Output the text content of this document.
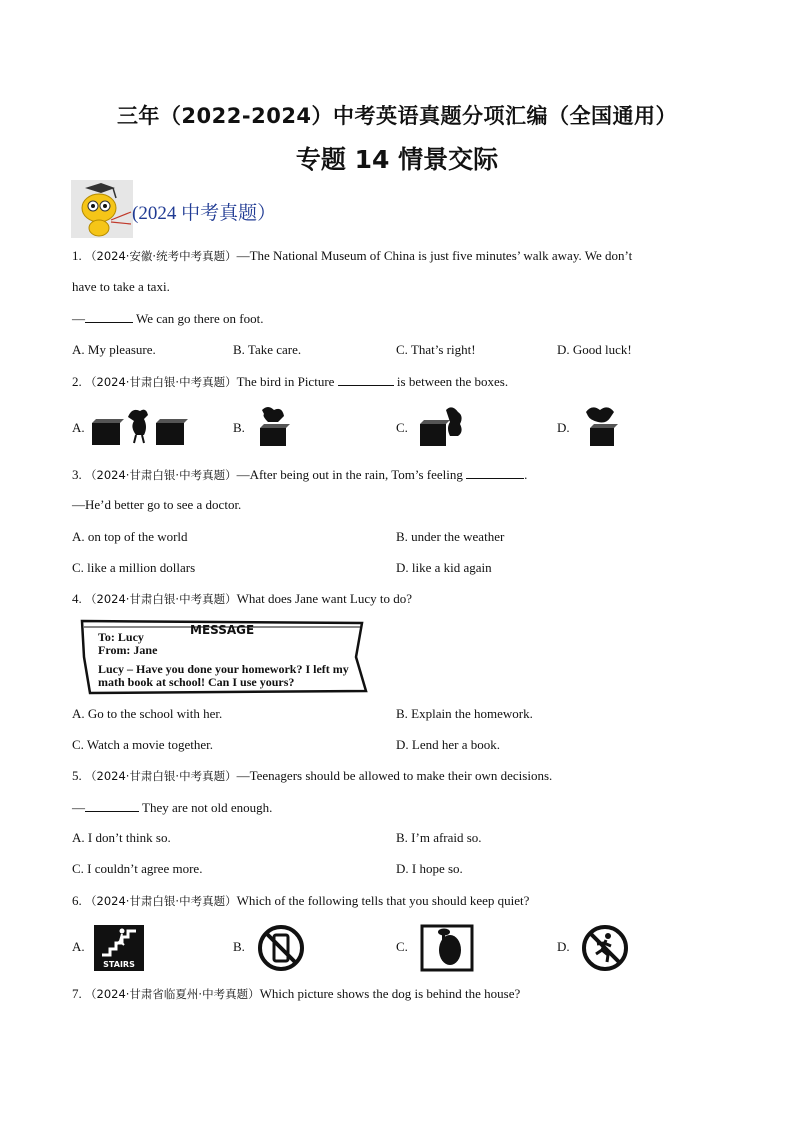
三年（2022-2024）中考英语真题分项汇编（全国通用）
专题 14 情景交际
(2024 中考真题）
1. （2024·安徽·统考中考真题）—The National Museum of China is just five minutes’ walk away. We don’t
have to take a taxi.
—	We can go there on foot.
A. My pleasure.	B. Take care.	C. That’s right!	D. Good luck!
2. （2024·甘肃白银·中考真题）The bird in Picture	is between the boxes.
A.	B.	C.	D.
3. （2024·甘肃白银·中考真题）—After being out in the rain, Tom’s feeling	.
—He’d better go to see a doctor.
A. on top of the world	B. under the weather
C. like a million dollars	D. like a kid again
4. （2024·甘肃白银·中考真题）What does Jane want Lucy to do?
MESSAGE
To: Lucy
From: Jane
Lucy – Have you done your homework? I left my
math book at school! Can I use yours?
A. Go to the school with her.	B. Explain the homework.
C. Watch a movie together.	D. Lend her a book.
5. （2024·甘肃白银·中考真题）—Teenagers should be allowed to make their own decisions.
—	They are not old enough.
A. I don’t think so.	B. I’m afraid so.
C. I couldn’t agree more.	D. I hope so.
6. （2024·甘肃白银·中考真题）Which of the following tells that you should keep quiet?
A.
STAIRS
B.	C.	D.
7. （2024·甘肃省临夏州·中考真题）Which picture shows the dog is behind the house?
